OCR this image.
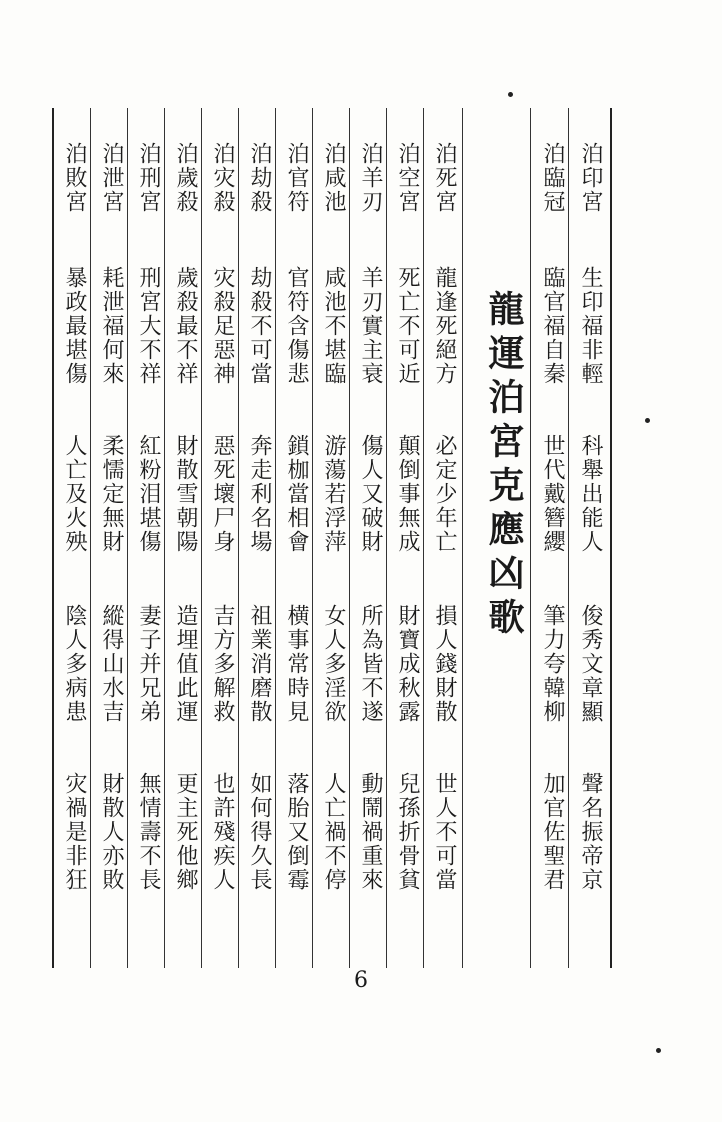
泊印宮
生印福非輕
科舉出能人
俊秀文章顯
聲名振帝京
泊臨冠
臨官福自秦
世代戴簪纓
筆力夸韓柳
加官佐聖君
龍運泊宮克應凶歌
泊死宮
龍逢死絕方
必定少年亡
損人錢財散
世人不可當
泊空宮
死亡不可近
顛倒事無成
財寶成秋露
兒孫折骨貧
泊羊刃
羊刃實主衰
傷人又破財
所為皆不遂
動鬧禍重來
泊咸池
咸池不堪臨
游蕩若浮萍
女人多淫欲
人亡禍不停
泊官符
官符含傷悲
鎖枷當相會
横事常時見
落胎又倒霉
泊劫殺
劫殺不可當
奔走利名場
祖業消磨散
如何得久長
泊灾殺
灾殺足惡神
惡死壞尸身
吉方多解救
也許殘疾人
泊歲殺
歲殺最不祥
財散雪朝陽
造埋值此運
更主死他鄉
泊刑宮
刑宮大不祥
紅粉泪堪傷
妻子并兄弟
無情壽不長
泊泄宮
耗泄福何來
柔懦定無財
縱得山水吉
財散人亦敗
泊敗宮
暴政最堪傷
人亡及火殃
陰人多病患
灾禍是非狂
6
